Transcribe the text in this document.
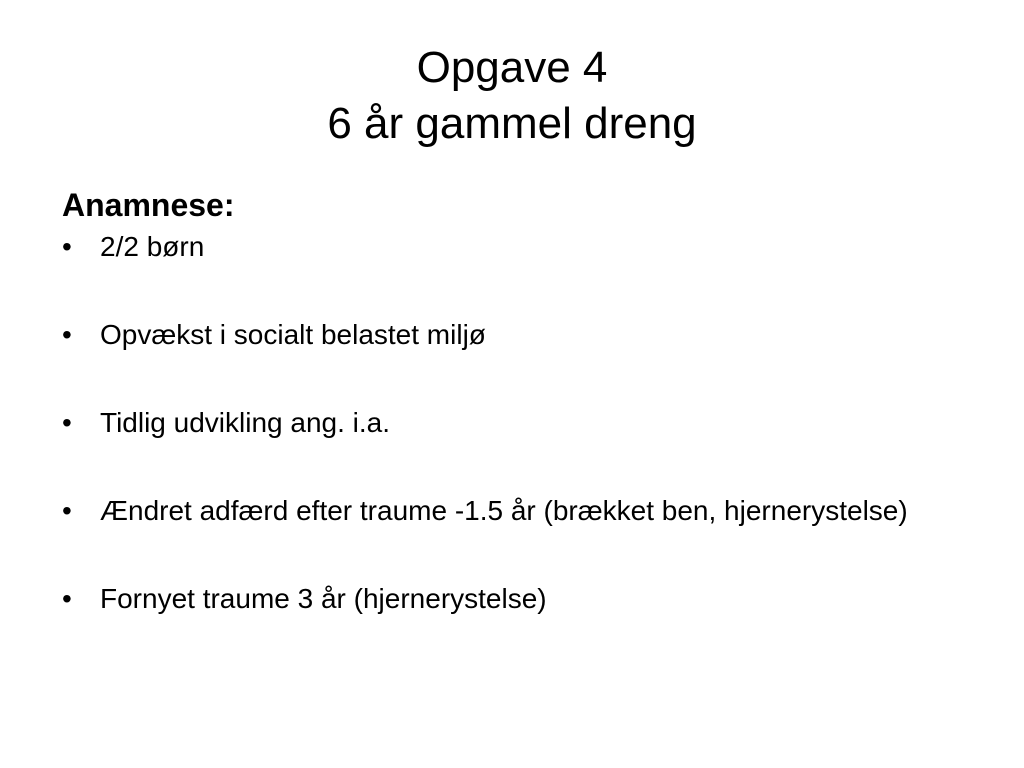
Opgave 4
6 år gammel dreng

Anamnese:

•	2/2 børn
•	Opvækst i socialt belastet miljø
•	Tidlig udvikling ang. i.a.
•	Ændret adfærd efter traume -1.5 år (brækket ben, hjernerystelse)
•	Fornyet traume 3 år (hjernerystelse)
